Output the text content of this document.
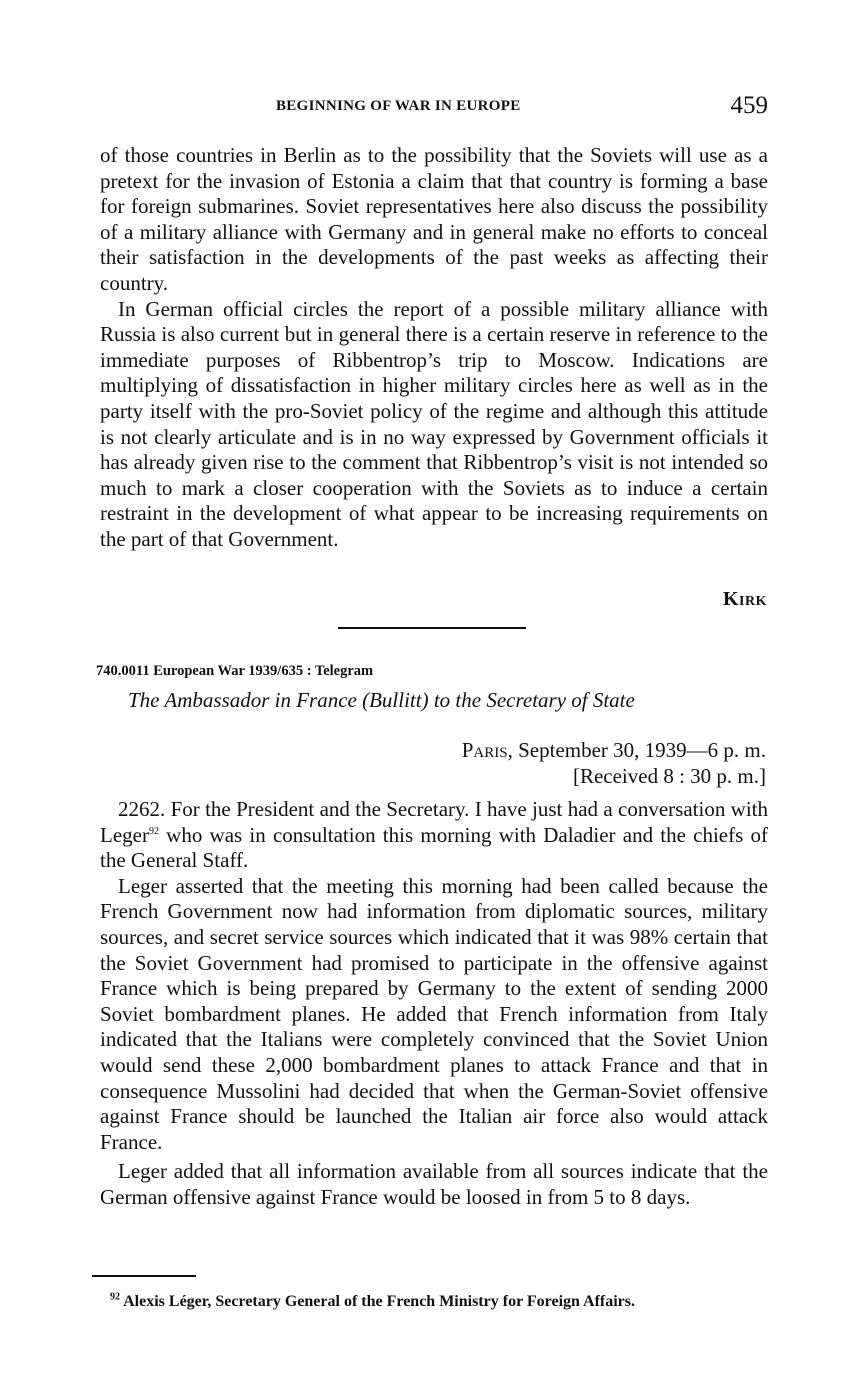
BEGINNING OF WAR IN EUROPE	459

of those countries in Berlin as to the possibility that the Soviets will use as a pretext for the invasion of Estonia a claim that that country is forming a base for foreign submarines. Soviet representatives here also discuss the possibility of a military alliance with Germany and in general make no efforts to conceal their satisfaction in the developments of the past weeks as affecting their country.

In German official circles the report of a possible military alliance with Russia is also current but in general there is a certain reserve in reference to the immediate purposes of Ribbentrop’s trip to Moscow. Indications are multiplying of dissatisfaction in higher military circles here as well as in the party itself with the pro-Soviet policy of the regime and although this attitude is not clearly articulate and is in no way expressed by Government officials it has already given rise to the comment that Ribbentrop’s visit is not intended so much to mark a closer cooperation with the Soviets as to induce a certain restraint in the development of what appear to be increasing requirements on the part of that Government.

Kirk
740.0011 European War 1939/635 : Telegram
The Ambassador in France (Bullitt) to the Secretary of State
Paris, September 30, 1939—6 p. m.
[Received 8 : 30 p. m.]

2262. For the President and the Secretary. I have just had a conversation with Leger$^{92}$ who was in consultation this morning with Daladier and the chiefs of the General Staff.

Leger asserted that the meeting this morning had been called because the French Government now had information from diplomatic sources, military sources, and secret service sources which indicated that it was 98% certain that the Soviet Government had promised to participate in the offensive against France which is being prepared by Germany to the extent of sending 2000 Soviet bombardment planes. He added that French information from Italy indicated that the Italians were completely convinced that the Soviet Union would send these 2,000 bombardment planes to attack France and that in consequence Mussolini had decided that when the German-Soviet offensive against France should be launched the Italian air force also would attack France.

Leger added that all information available from all sources indicate that the German offensive against France would be loosed in from 5 to 8 days.

$^{92}$ Alexis Léger, Secretary General of the French Ministry for Foreign Affairs.
